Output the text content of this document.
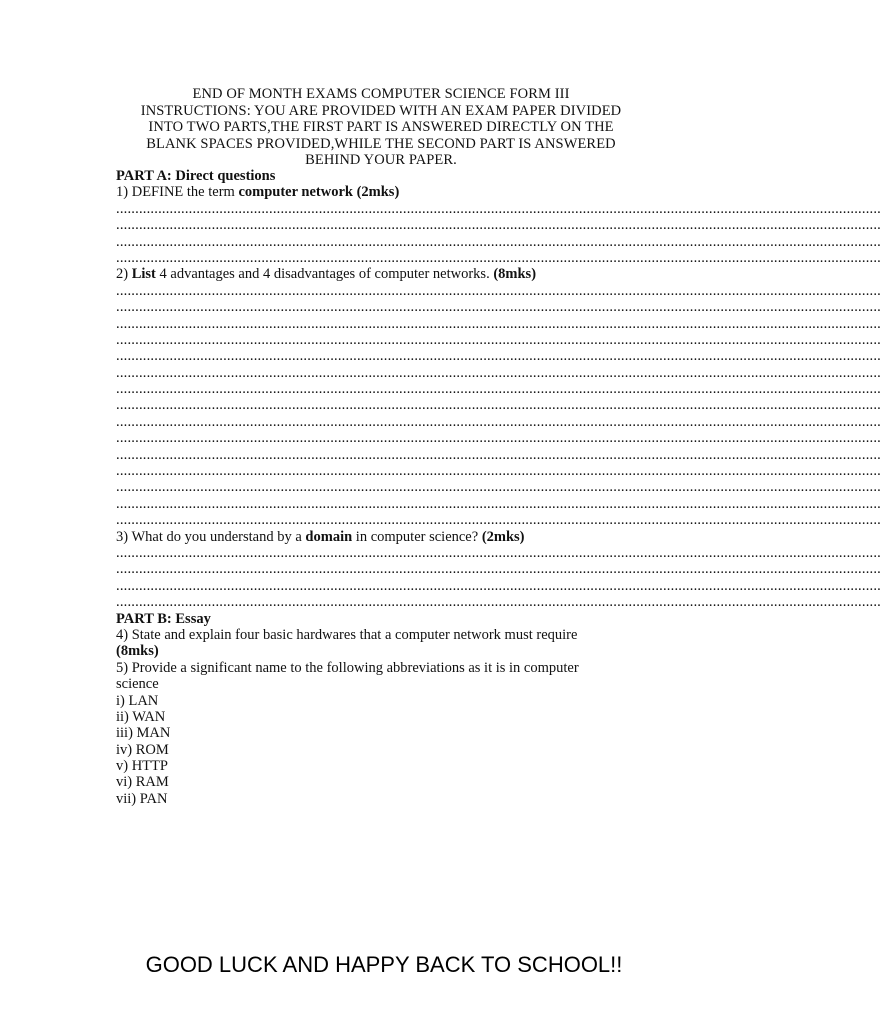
END OF MONTH EXAMS COMPUTER SCIENCE FORM III
INSTRUCTIONS: YOU ARE PROVIDED WITH AN EXAM PAPER DIVIDED
INTO TWO PARTS,THE FIRST PART IS ANSWERED DIRECTLY ON THE
BLANK SPACES PROVIDED,WHILE THE SECOND PART IS ANSWERED
BEHIND YOUR PAPER.
PART A: Direct questions
1) DEFINE the term computer network (2mks)
........................................................................................................................................................................................................
........................................................................................................................................................................................................
........................................................................................................................................................................................................
........................................................................................................................................................................................................
2) List 4 advantages and 4 disadvantages of computer networks. (8mks)
........................................................................................................................................................................................................
........................................................................................................................................................................................................
........................................................................................................................................................................................................
........................................................................................................................................................................................................
........................................................................................................................................................................................................
........................................................................................................................................................................................................
........................................................................................................................................................................................................
........................................................................................................................................................................................................
........................................................................................................................................................................................................
........................................................................................................................................................................................................
........................................................................................................................................................................................................
........................................................................................................................................................................................................
........................................................................................................................................................................................................
........................................................................................................................................................................................................
........................................................................................................................................................................................................
3) What do you understand by a domain in computer science? (2mks)
........................................................................................................................................................................................................
........................................................................................................................................................................................................
........................................................................................................................................................................................................
........................................................................................................................................................................................................
PART B: Essay
4) State and explain four basic hardwares that a computer network must require
(8mks)
5) Provide a significant name to the following abbreviations as it is in computer
science
i) LAN
ii) WAN
iii) MAN
iv) ROM
v) HTTP
vi) RAM
vii) PAN
GOOD LUCK AND HAPPY BACK TO SCHOOL!!
